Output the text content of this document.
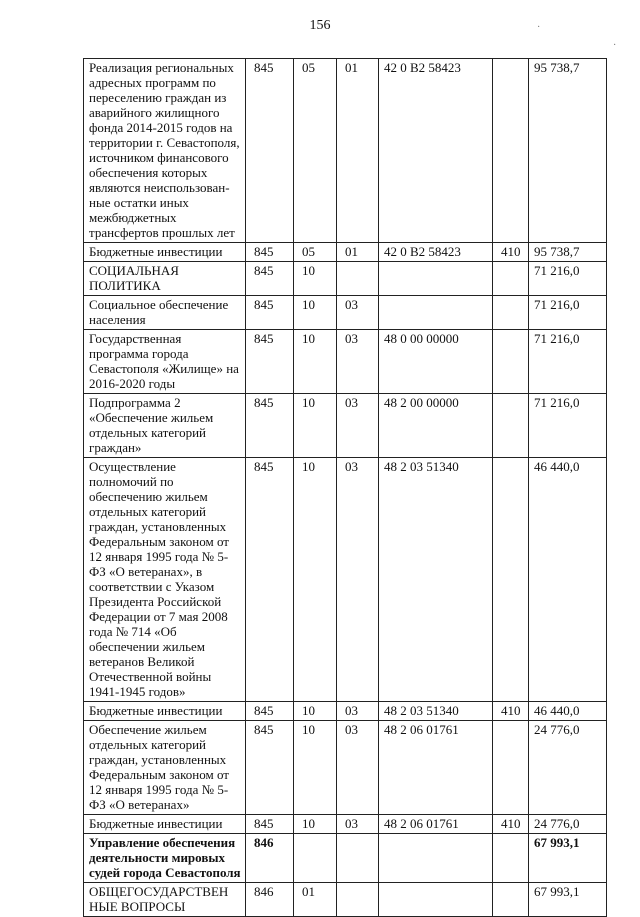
156	·
·
Реализация региональных адресных программ по переселению граждан из аварийного жилищного фонда 2014-2015 годов на территории г. Севастополя, источником финансового обеспечения которых являются неиспользован-ные остатки иных межбюджетных трансфертов прошлых лет	845	05	01	42 0 B2 58423		95 738,7
Бюджетные инвестиции	845	05	01	42 0 B2 58423	410	95 738,7
СОЦИАЛЬНАЯ ПОЛИТИКА	845	10				71 216,0
Социальное обеспечение населения	845	10	03			71 216,0
Государственная программа города Севастополя «Жилище» на 2016-2020 годы	845	10	03	48 0 00 00000		71 216,0
Подпрограмма 2 «Обеспечение жильем отдельных категорий граждан»	845	10	03	48 2 00 00000		71 216,0
Осуществление полномочий по обеспечению жильем отдельных категорий граждан, установленных Федеральным законом от 12 января 1995 года № 5-ФЗ «О ветеранах», в соответствии с Указом Президента Российской Федерации от 7 мая 2008 года № 714 «Об обеспечении жильем ветеранов Великой Отечественной войны 1941-1945 годов»	845	10	03	48 2 03 51340		46 440,0
Бюджетные инвестиции	845	10	03	48 2 03 51340	410	46 440,0
Обеспечение жильем отдельных категорий граждан, установленных Федеральным законом от 12 января 1995 года № 5-ФЗ «О ветеранах»	845	10	03	48 2 06 01761		24 776,0
Бюджетные инвестиции	845	10	03	48 2 06 01761	410	24 776,0
Управление обеспечения деятельности мировых судей города Севастополя	846					67 993,1
ОБЩЕГОСУДАРСТВЕН НЫЕ ВОПРОСЫ	846	01				67 993,1
